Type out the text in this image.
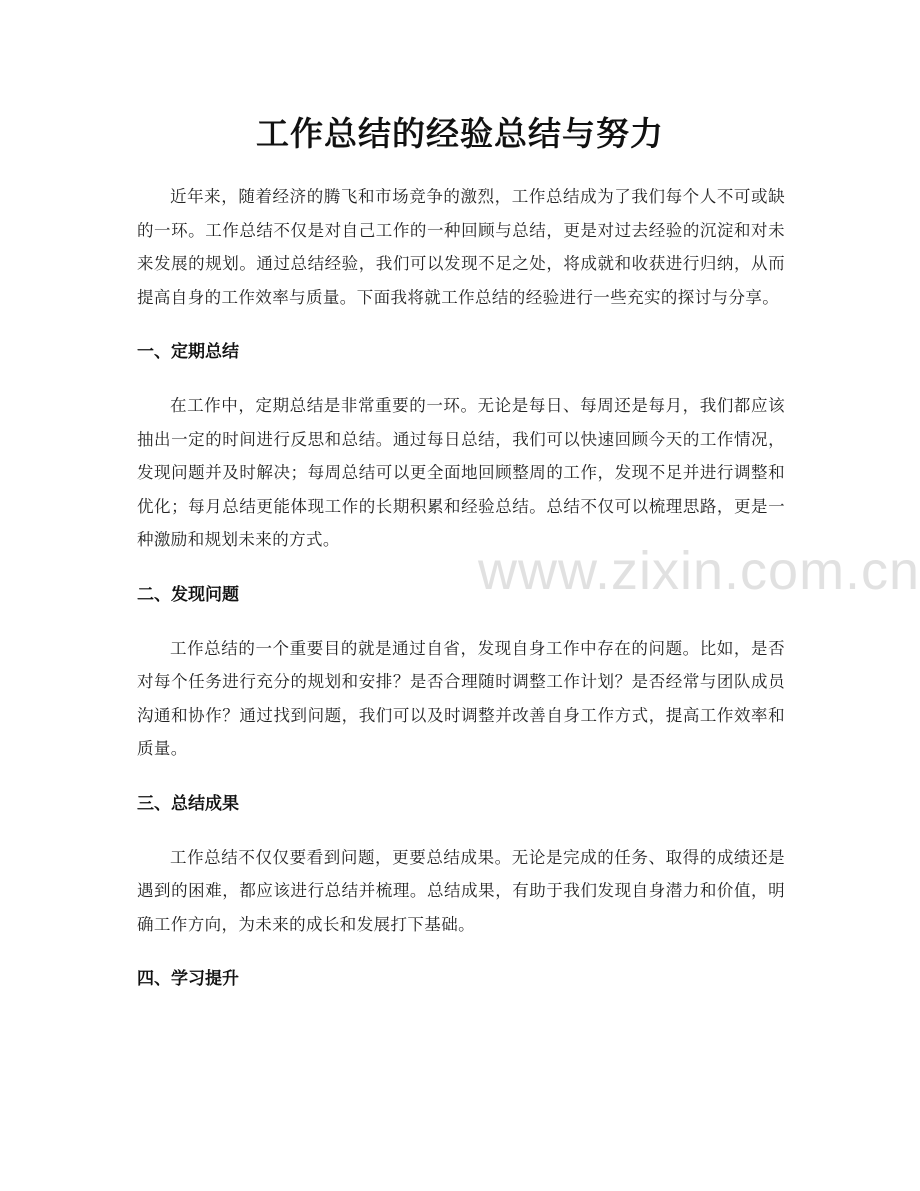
工作总结的经验总结与努力

近年来，随着经济的腾飞和市场竞争的激烈，工作总结成为了我们每个人不可或缺的一环。工作总结不仅是对自己工作的一种回顾与总结，更是对过去经验的沉淀和对未来发展的规划。通过总结经验，我们可以发现不足之处，将成就和收获进行归纳，从而提高自身的工作效率与质量。下面我将就工作总结的经验进行一些充实的探讨与分享。

一、定期总结

在工作中，定期总结是非常重要的一环。无论是每日、每周还是每月，我们都应该抽出一定的时间进行反思和总结。通过每日总结，我们可以快速回顾今天的工作情况，发现问题并及时解决；每周总结可以更全面地回顾整周的工作，发现不足并进行调整和优化；每月总结更能体现工作的长期积累和经验总结。总结不仅可以梳理思路，更是一种激励和规划未来的方式。

二、发现问题

工作总结的一个重要目的就是通过自省，发现自身工作中存在的问题。比如，是否对每个任务进行充分的规划和安排？是否合理随时调整工作计划？是否经常与团队成员沟通和协作？通过找到问题，我们可以及时调整并改善自身工作方式，提高工作效率和质量。

三、总结成果

工作总结不仅仅要看到问题，更要总结成果。无论是完成的任务、取得的成绩还是遇到的困难，都应该进行总结并梳理。总结成果，有助于我们发现自身潜力和价值，明确工作方向，为未来的成长和发展打下基础。

四、学习提升
www.zixin.com.cn
